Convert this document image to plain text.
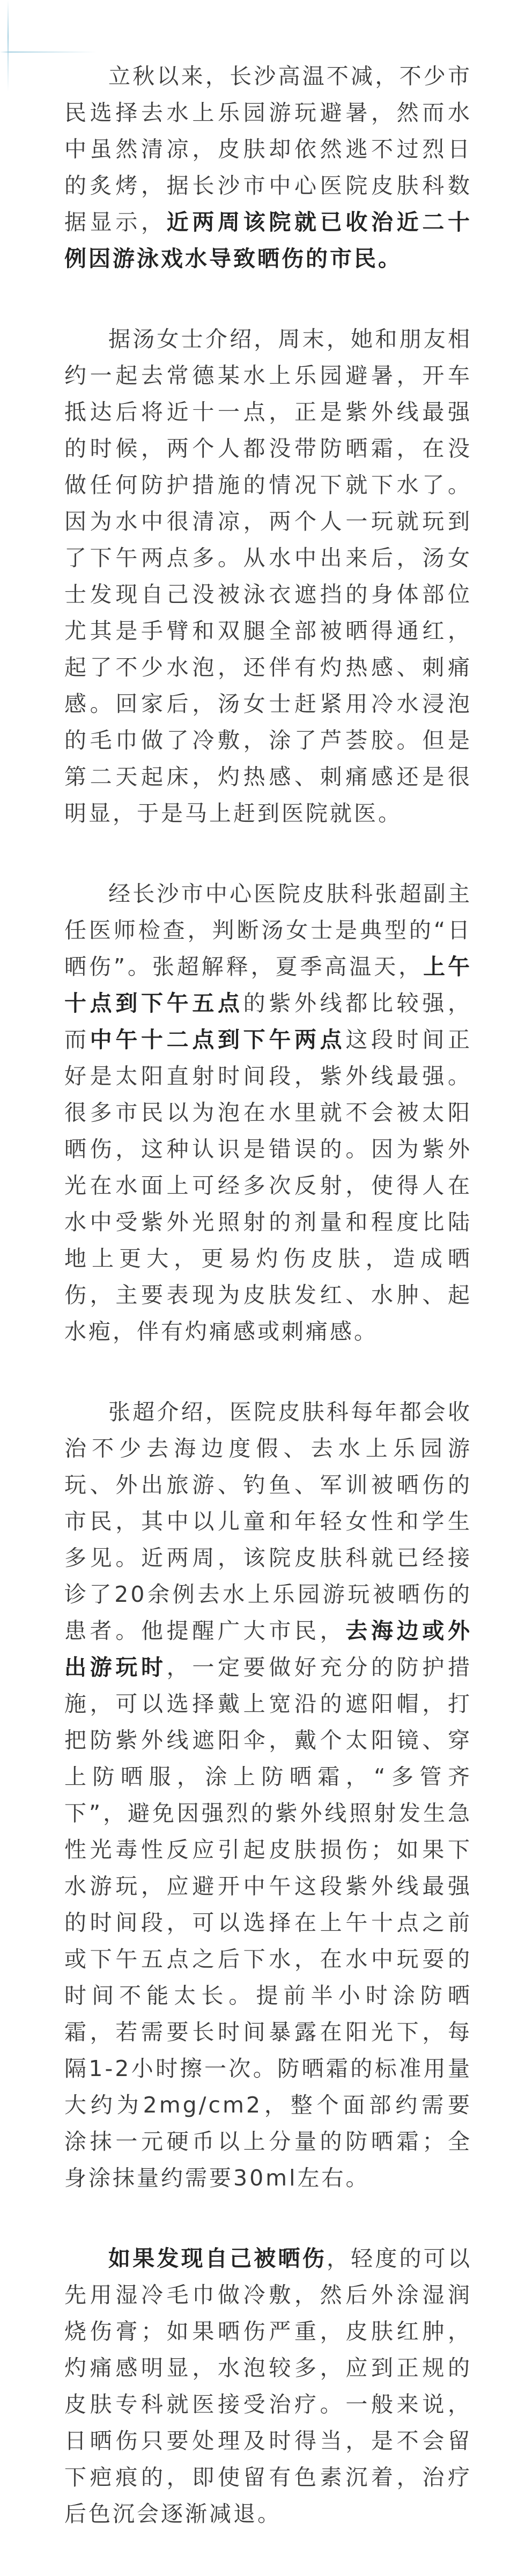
立秋以来，长沙高温不减，不少市民选择去水上乐园游玩避暑，然而水中虽然清凉，皮肤却依然逃不过烈日的炙烤，据长沙市中心医院皮肤科数据显示，近两周该院就已收治近二十例因游泳戏水导致晒伤的市民。

据汤女士介绍，周末，她和朋友相约一起去常德某水上乐园避暑，开车抵达后将近十一点，正是紫外线最强的时候，两个人都没带防晒霜，在没做任何防护措施的情况下就下水了。因为水中很清凉，两个人一玩就玩到了下午两点多。从水中出来后，汤女士发现自己没被泳衣遮挡的身体部位尤其是手臂和双腿全部被晒得通红，起了不少水泡，还伴有灼热感、刺痛感。回家后，汤女士赶紧用冷水浸泡的毛巾做了冷敷，涂了芦荟胶。但是第二天起床，灼热感、刺痛感还是很明显，于是马上赶到医院就医。

经长沙市中心医院皮肤科张超副主任医师检查，判断汤女士是典型的“日晒伤”。张超解释，夏季高温天，上午十点到下午五点的紫外线都比较强，而中午十二点到下午两点这段时间正好是太阳直射时间段，紫外线最强。很多市民以为泡在水里就不会被太阳晒伤，这种认识是错误的。因为紫外光在水面上可经多次反射，使得人在水中受紫外光照射的剂量和程度比陆地上更大，更易灼伤皮肤，造成晒伤，主要表现为皮肤发红、水肿、起水疱，伴有灼痛感或刺痛感。

张超介绍，医院皮肤科每年都会收治不少去海边度假、去水上乐园游玩、外出旅游、钓鱼、军训被晒伤的市民，其中以儿童和年轻女性和学生多见。近两周，该院皮肤科就已经接诊了20余例去水上乐园游玩被晒伤的患者。他提醒广大市民，去海边或外出游玩时，一定要做好充分的防护措施，可以选择戴上宽沿的遮阳帽，打把防紫外线遮阳伞，戴个太阳镜、穿上防晒服，涂上防晒霜，“多管齐下”，避免因强烈的紫外线照射发生急性光毒性反应引起皮肤损伤；如果下水游玩，应避开中午这段紫外线最强的时间段，可以选择在上午十点之前或下午五点之后下水，在水中玩耍的时间不能太长。提前半小时涂防晒霜，若需要长时间暴露在阳光下，每隔1-2小时擦一次。防晒霜的标准用量大约为2mg/cm2，整个面部约需要涂抹一元硬币以上分量的防晒霜；全身涂抹量约需要30ml左右。

如果发现自己被晒伤，轻度的可以先用湿冷毛巾做冷敷，然后外涂湿润烧伤膏；如果晒伤严重，皮肤红肿，灼痛感明显，水泡较多，应到正规的皮肤专科就医接受治疗。一般来说，日晒伤只要处理及时得当，是不会留下疤痕的，即使留有色素沉着，治疗后色沉会逐渐减退。
